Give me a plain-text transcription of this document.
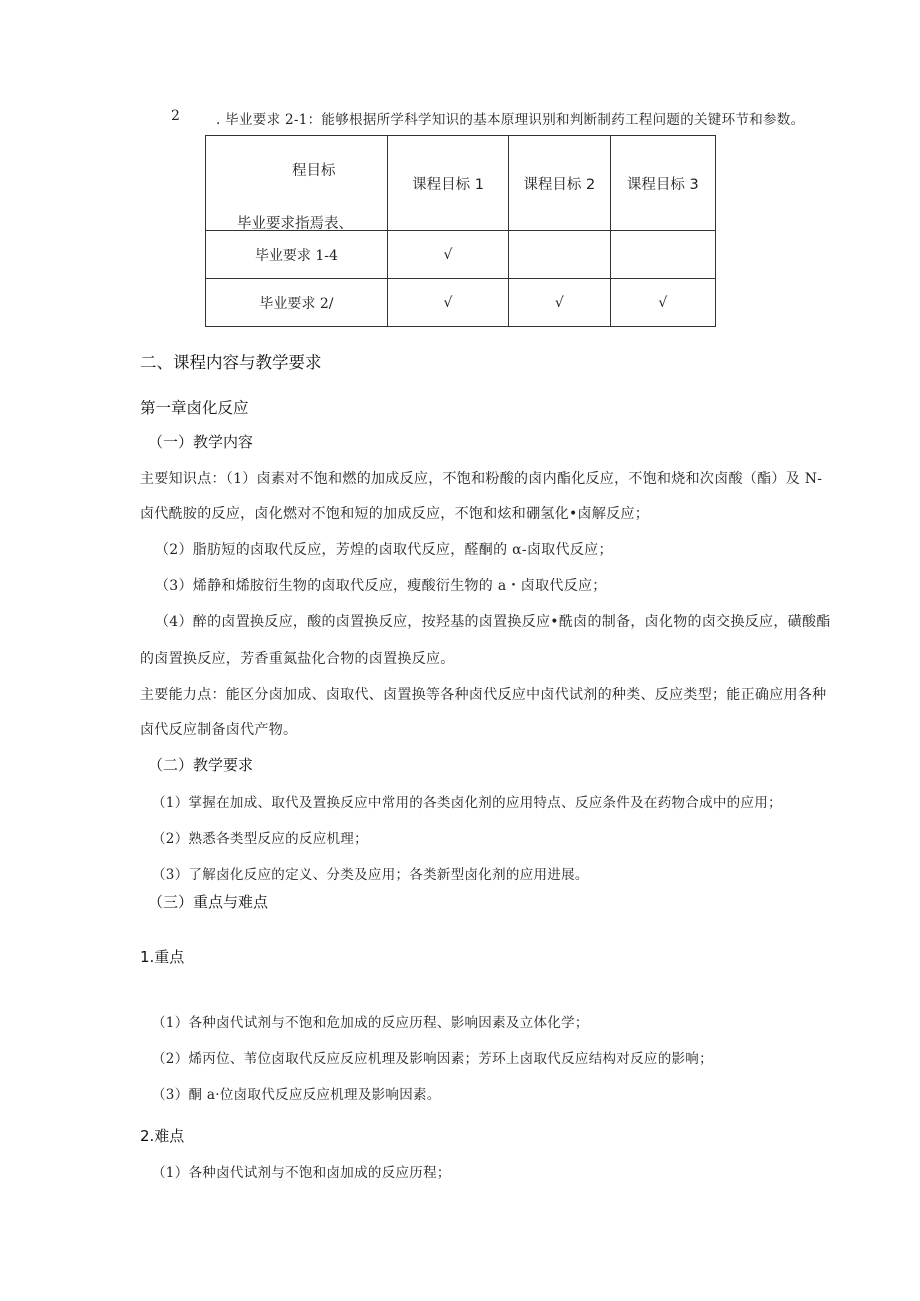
2	. 毕业要求 2-1：能够根据所学科学知识的基本原理识别和判断制药工程问题的关键环节和参数。
程目标
毕业要求指焉表、	课程目标 1	课程目标 2	课程目标 3
毕业要求 1-4	√		
毕业要求 2/	√	√	√
二、课程内容与教学要求
第一章卤化反应
（一）教学内容
主要知识点：（1）卤素对不饱和燃的加成反应，不饱和粉酸的卤内酯化反应，不饱和烧和次卤酸（酯）及 N-
卤代酰胺的反应，卤化燃对不饱和短的加成反应，不饱和炫和硼氢化•卤解反应；
（2）脂肪短的卤取代反应，芳煌的卤取代反应，醛酮的 α-卤取代反应；
（3）烯静和烯胺衍生物的卤取代反应，瘦酸衍生物的 a・卤取代反应；
（4）醉的卤置换反应，酸的卤置换反应，按羟基的卤置换反应•酰卤的制备，卤化物的卤交换反应，磺酸酯
的卤置换反应，芳香重氮盐化合物的卤置换反应。
主要能力点：能区分卤加成、卤取代、卤置换等各种卤代反应中卤代试剂的种类、反应类型；能正确应用各种
卤代反应制备卤代产物。
（二）教学要求
（1）掌握在加成、取代及置换反应中常用的各类卤化剂的应用特点、反应条件及在药物合成中的应用；
（2）熟悉各类型反应的反应机理；
（3）了解卤化反应的定义、分类及应用；各类新型卤化剂的应用进展。
（三）重点与难点
1.重点
（1）各种卤代试剂与不饱和危加成的反应历程、影响因素及立体化学；
（2）烯丙位、苇位卤取代反应反应机理及影响因素；芳环上卤取代反应结构对反应的影响；
（3）酮 a·位卤取代反应反应机理及影响因素。
2.难点
（1）各种卤代试剂与不饱和卤加成的反应历程；
